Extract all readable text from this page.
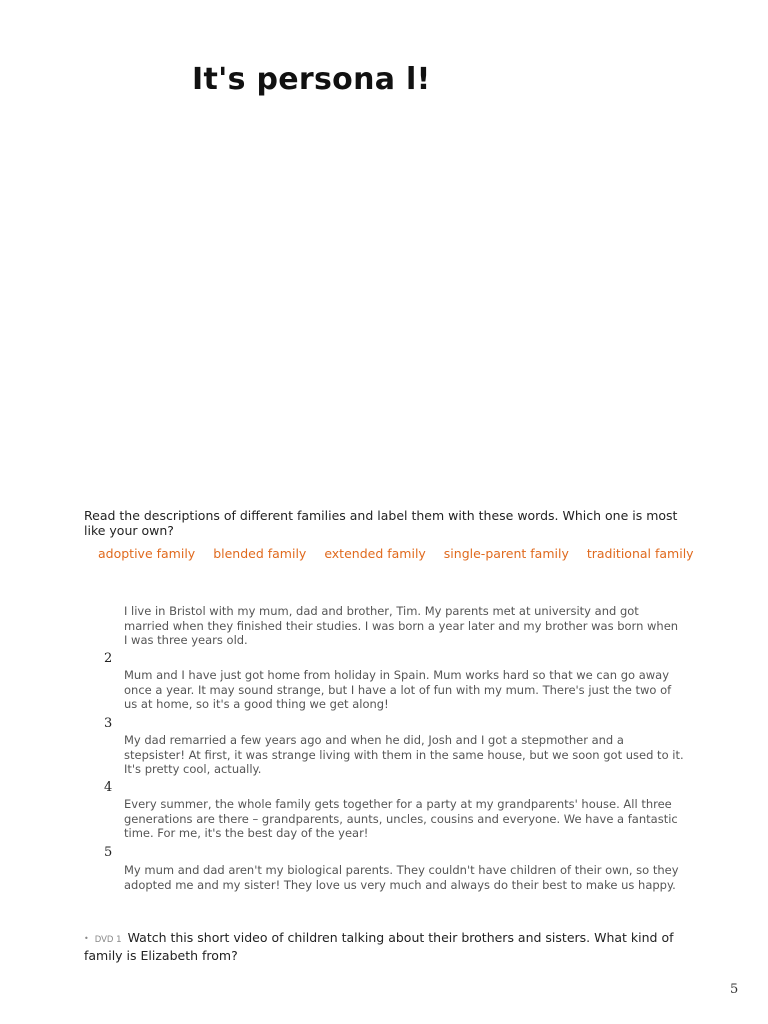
It's persona l!

Read the descriptions of different families and label them with these words. Which one is most like your own?

adoptive family blended family extended family single-parent family traditional family

I live in Bristol with my mum, dad and brother, Tim. My parents met at university and got married when they finished their studies. I was born a year later and my brother was born when I was three years old.

2

Mum and I have just got home from holiday in Spain. Mum works hard so that we can go away once a year. It may sound strange, but I have a lot of fun with my mum. There's just the two of us at home, so it's a good thing we get along!

3

My dad remarried a few years ago and when he did, Josh and I got a stepmother and a stepsister! At first, it was strange living with them in the same house, but we soon got used to it. It's pretty cool, actually.

4

Every summer, the whole family gets together for a party at my grandparents' house. All three generations are there – grandparents, aunts, uncles, cousins and everyone. We have a fantastic time. For me, it's the best day of the year!

5

My mum and dad aren't my biological parents. They couldn't have children of their own, so they adopted me and my sister! They love us very much and always do their best to make us happy.

• DVD 1 Watch this short video of children talking about their brothers and sisters. What kind of family is Elizabeth from?

5
